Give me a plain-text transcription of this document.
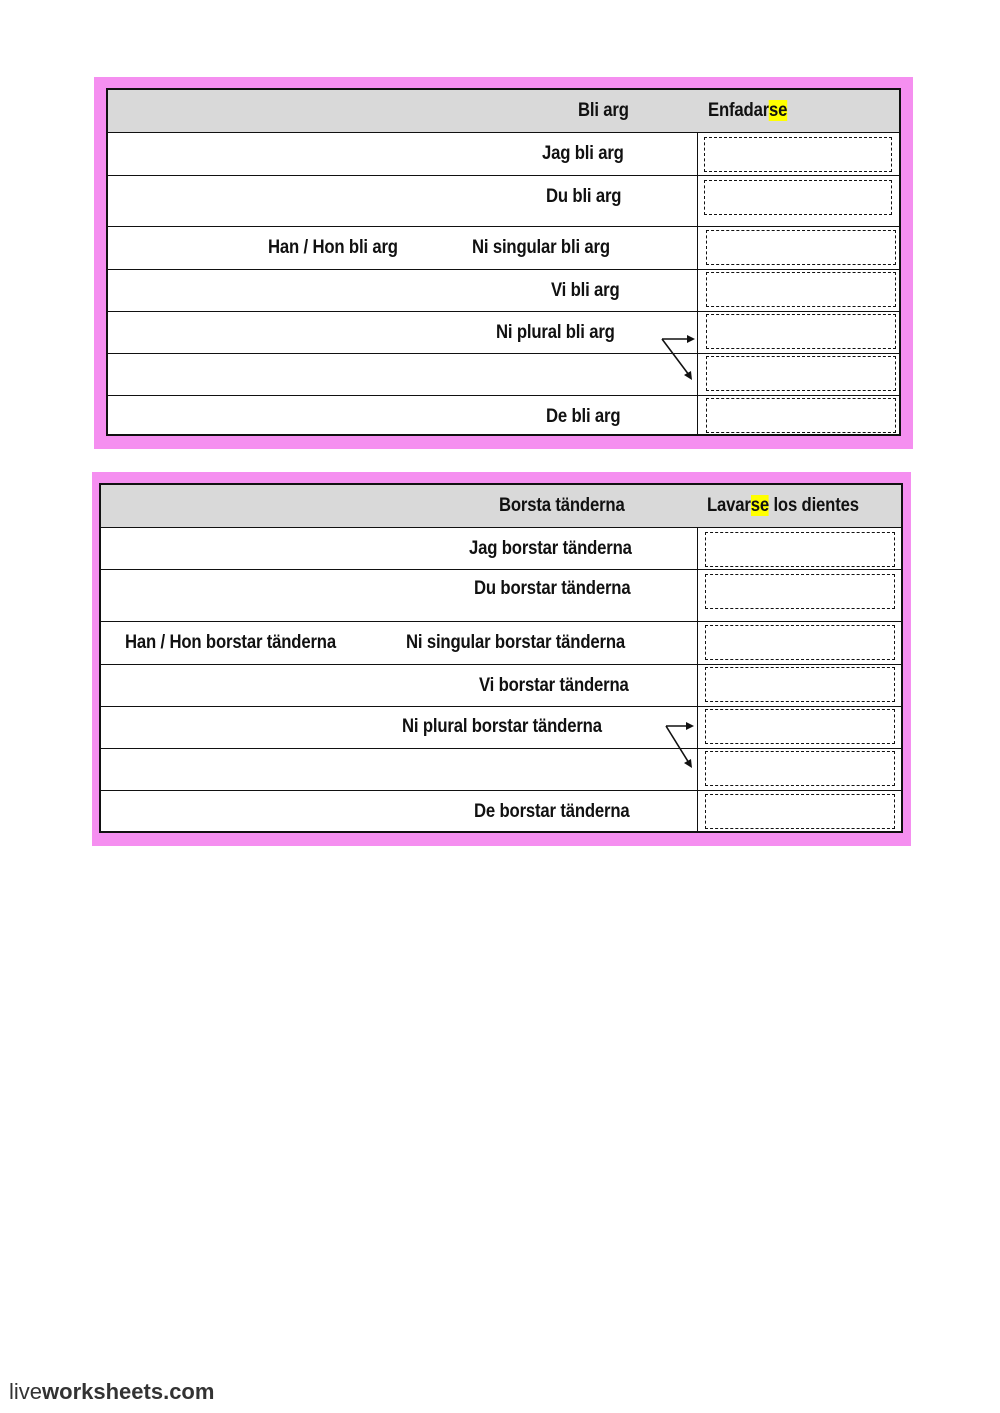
Bli arg	Enfadarse
Jag bli arg
Du bli arg
Han / Hon bli arg	Ni singular bli arg
Vi bli arg
Ni plural bli arg
De bli arg
Borsta tänderna	Lavarse los dientes
Jag borstar tänderna
Du borstar tänderna
Han / Hon borstar tänderna	Ni singular borstar tänderna
Vi borstar tänderna
Ni plural borstar tänderna
De borstar tänderna
liveworksheets.com
